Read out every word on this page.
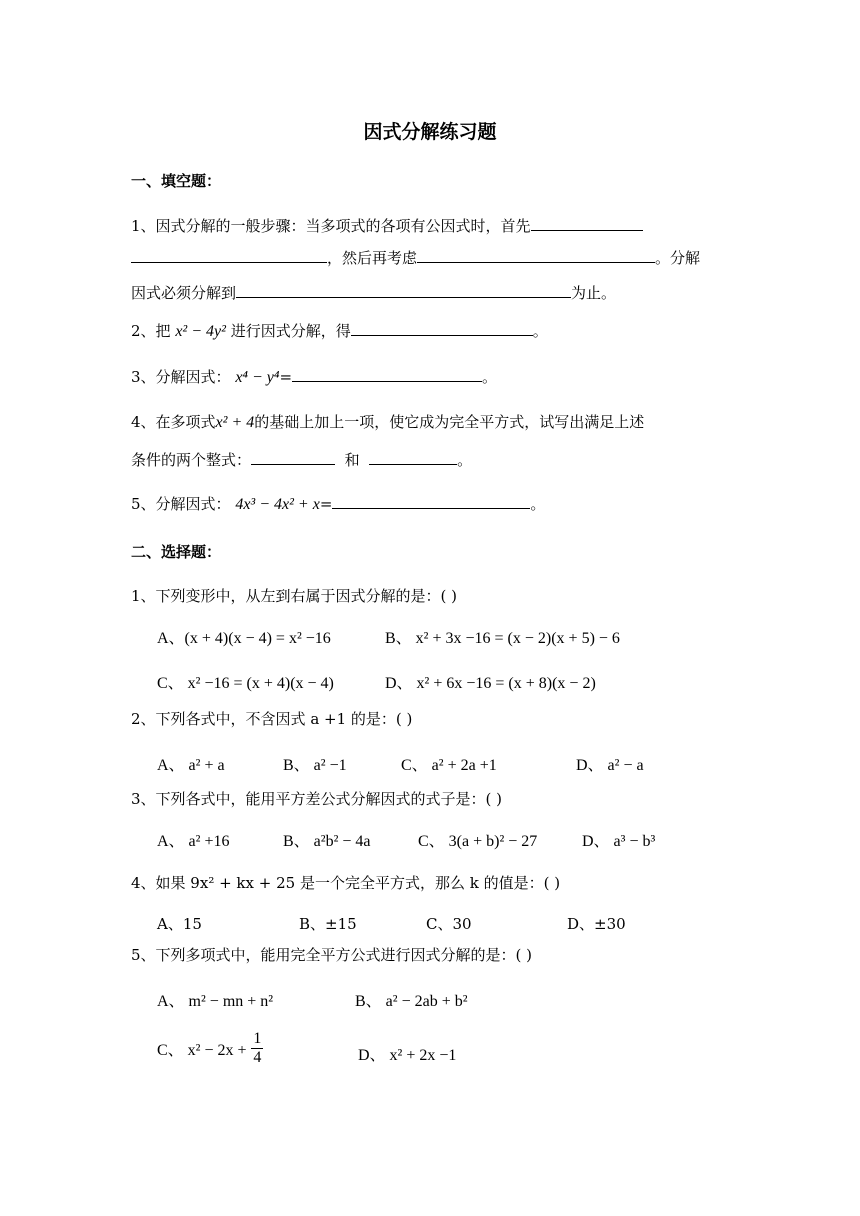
因式分解练习题
一、填空题：
1、因式分解的一般步骤：当多项式的各项有公因式时，首先
，然后再考虑	。分解
因式必须分解到	为止。
2、把 x² − 4y² 进行因式分解，得	。
3、分解因式： x⁴ − y⁴=	。
4、在多项式x² + 4的基础上加上一项，使它成为完全平方式，试写出满足上述
条件的两个整式：	和	。
5、分解因式： 4x³ − 4x² + x=	。
二、选择题：
1、下列变形中，从左到右属于因式分解的是：( )
A、(x + 4)(x − 4) = x² −16	B、 x² + 3x −16 = (x − 2)(x + 5) − 6
C、 x² −16 = (x + 4)(x − 4)	D、 x² + 6x −16 = (x + 8)(x − 2)
2、下列各式中，不含因式 a +1 的是：( )
A、 a² + a	B、 a² −1	C、 a² + 2a +1	D、 a² − a
3、下列各式中，能用平方差公式分解因式的式子是：( )
A、 a² +16	B、 a²b² − 4a	C、 3(a + b)² − 27	D、 a³ − b³
4、如果 9x² + kx + 25 是一个完全平方式，那么 k 的值是：( )
A、15	B、±15	C、30	D、±30
5、下列多项式中，能用完全平方公式进行因式分解的是：( )
A、 m² − mn + n²	B、 a² − 2ab + b²
C、 $x^2 - 2x + \frac{1}{4}$	D、 x² + 2x −1
